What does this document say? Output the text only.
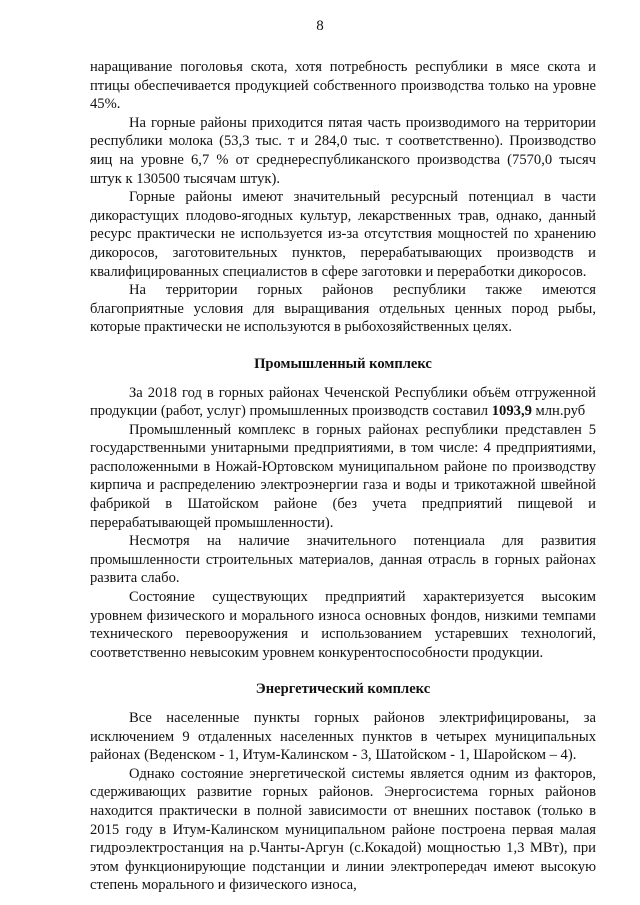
8

наращивание поголовья скота, хотя потребность республики в мясе скота и птицы обеспечивается продукцией собственного производства только на уровне 45%.

На горные районы приходится пятая часть производимого на территории республики молока (53,3 тыс. т и 284,0 тыс. т соответственно). Производство яиц на уровне 6,7 % от среднереспубликанского производства (7570,0 тысяч штук к 130500 тысячам штук).

Горные районы имеют значительный ресурсный потенциал в части дикорастущих плодово-ягодных культур, лекарственных трав, однако, данный ресурс практически не используется из-за отсутствия мощностей по хранению дикоросов, заготовительных пунктов, перерабатывающих производств и квалифицированных специалистов в сфере заготовки и переработки дикоросов.

На территории горных районов республики также имеются благоприятные условия для выращивания отдельных ценных пород рыбы, которые практически не используются в рыбохозяйственных целях.

Промышленный комплекс

За 2018 год в горных районах Чеченской Республики объём отгруженной продукции (работ, услуг) промышленных производств составил 1093,9 млн.руб

Промышленный комплекс в горных районах республики представлен 5 государственными унитарными предприятиями, в том числе: 4 предприятиями, расположенными в Ножай-Юртовском муниципальном районе по производству кирпича и распределению электроэнергии газа и воды и трикотажной швейной фабрикой в Шатойском районе (без учета предприятий пищевой и перерабатывающей промышленности).

Несмотря на наличие значительного потенциала для развития промышленности строительных материалов, данная отрасль в горных районах развита слабо.

Состояние существующих предприятий характеризуется высоким уровнем физического и морального износа основных фондов, низкими темпами технического перевооружения и использованием устаревших технологий, соответственно невысоким уровнем конкурентоспособности продукции.

Энергетический комплекс

Все населенные пункты горных районов электрифицированы, за исключением 9 отдаленных населенных пунктов в четырех муниципальных районах (Веденском - 1, Итум-Калинском - 3, Шатойском - 1, Шаройском – 4).

Однако состояние энергетической системы является одним из факторов, сдерживающих развитие горных районов. Энергосистема горных районов находится практически в полной зависимости от внешних поставок (только в 2015 году в Итум-Калинском муниципальном районе построена первая малая гидроэлектростанция на р.Чанты-Аргун (с.Кокадой) мощностью 1,3 МВт), при этом функционирующие подстанции и линии электропередач имеют высокую степень морального и физического износа,
